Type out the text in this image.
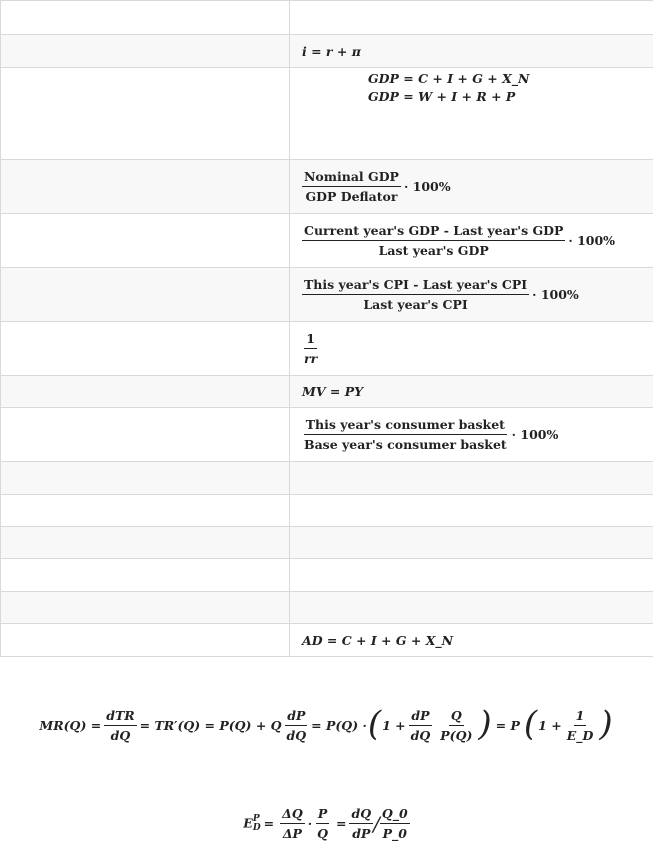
	i = r + π

	GDP = C + I + G + X_N
GDP = W + I + R + P

	$\frac{\text{Nominal GDP}}{\text{GDP Deflator}} \cdot 100\%$

	$\frac{\text{Current year's GDP - Last year's GDP}}{\text{Last year's GDP}} \cdot 100\%$

	$\frac{\text{This year's CPI - Last year's CPI}}{\text{Last year's CPI}} \cdot 100\%$

	$\frac{1}{rr}$

	MV = PY

	$\frac{\text{This year's consumer basket}}{\text{Base year's consumer basket}} \cdot 100\%$

	AD = C + I + G + X_N
$MR(Q) = \frac{\text{dTR}}{dQ} = TR'(Q) = P(Q) + Q \frac{dP}{dQ} = P(Q)$ · ( $1 + \frac{dP}{dQ} \frac{Q}{P(Q)}$ ) = P ( $1 + \frac{1}{E\_D}$ )
E P
$D = \frac{\Delta Q}{\Delta P} \cdot \frac{P}{Q} = \frac{dQ}{dP} / \frac{Q\_0}{P\_0}$
